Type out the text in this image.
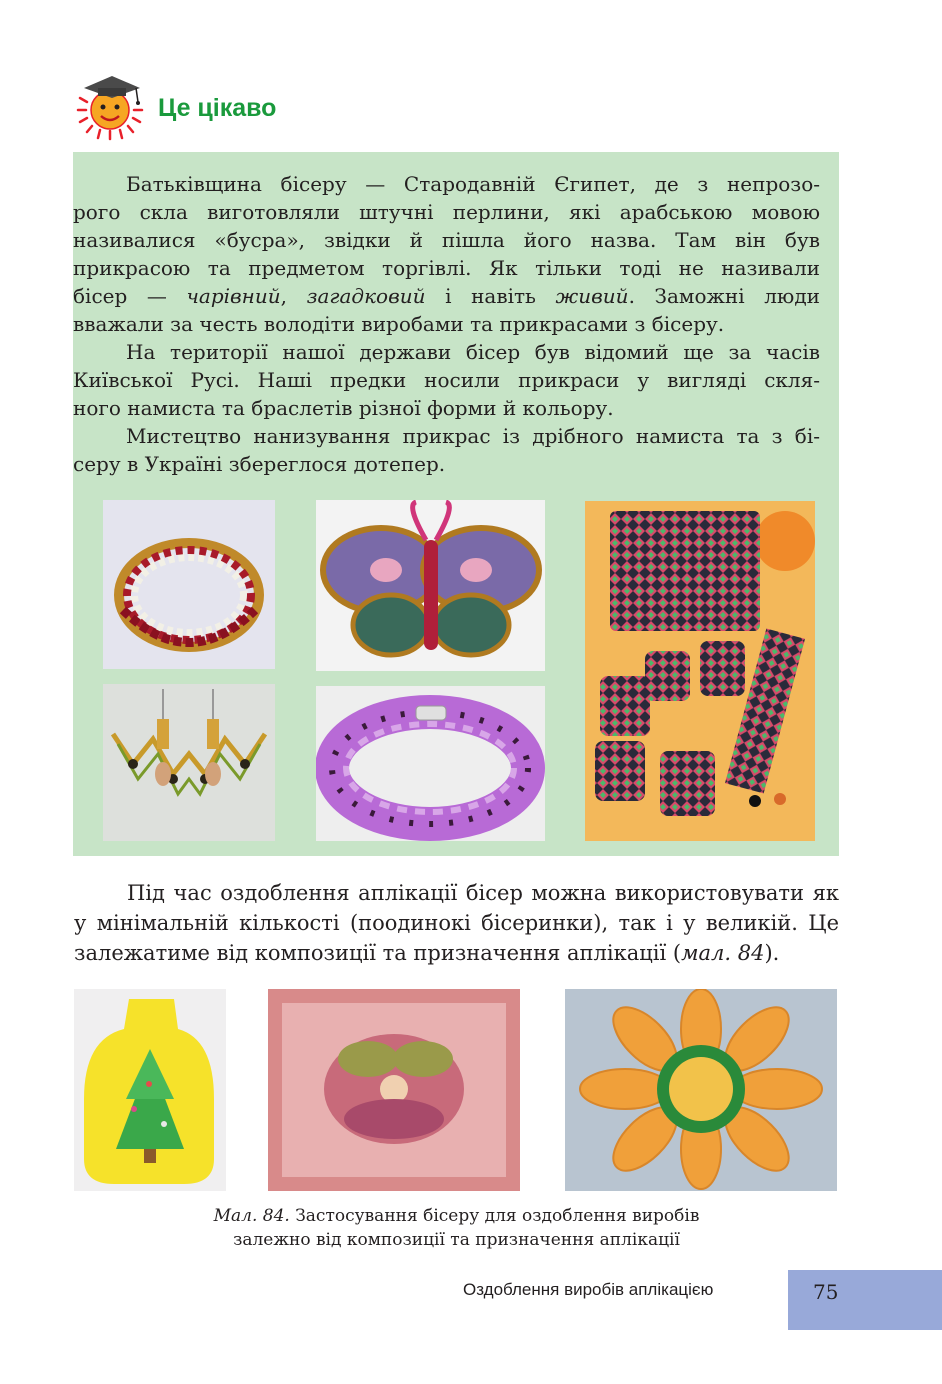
Це цікаво
Батьківщина бісеру — Стародавній Єгипет, де з непрозо-
рого скла виготовляли штучні перлини, які арабською мовою
називалися «бусра», звідки й пішла його назва. Там він був
прикрасою та предметом торгівлі. Як тільки тоді не називали
бісер — чарівний, загадковий і навіть живий. Заможні люди
вважали за честь володіти виробами та прикрасами з бісеру.
На території нашої держави бісер був відомий ще за часів
Київської Русі. Наші предки носили прикраси у вигляді скля-
ного намиста та браслетів різної форми й кольору.
Мистецтво нанизування прикрас із дрібного намиста та з бі-
серу в Україні збереглося дотепер.
Під час оздоблення аплікації бісер можна використовувати як
у мінімальній кількості (поодинокі бісеринки), так і у великій. Це
залежатиме від композиції та призначення аплікації (мал. 84).
Мал. 84. Застосування бісеру для оздоблення виробів
залежно від композиції та призначення аплікації
Оздоблення виробів аплікацією	75
